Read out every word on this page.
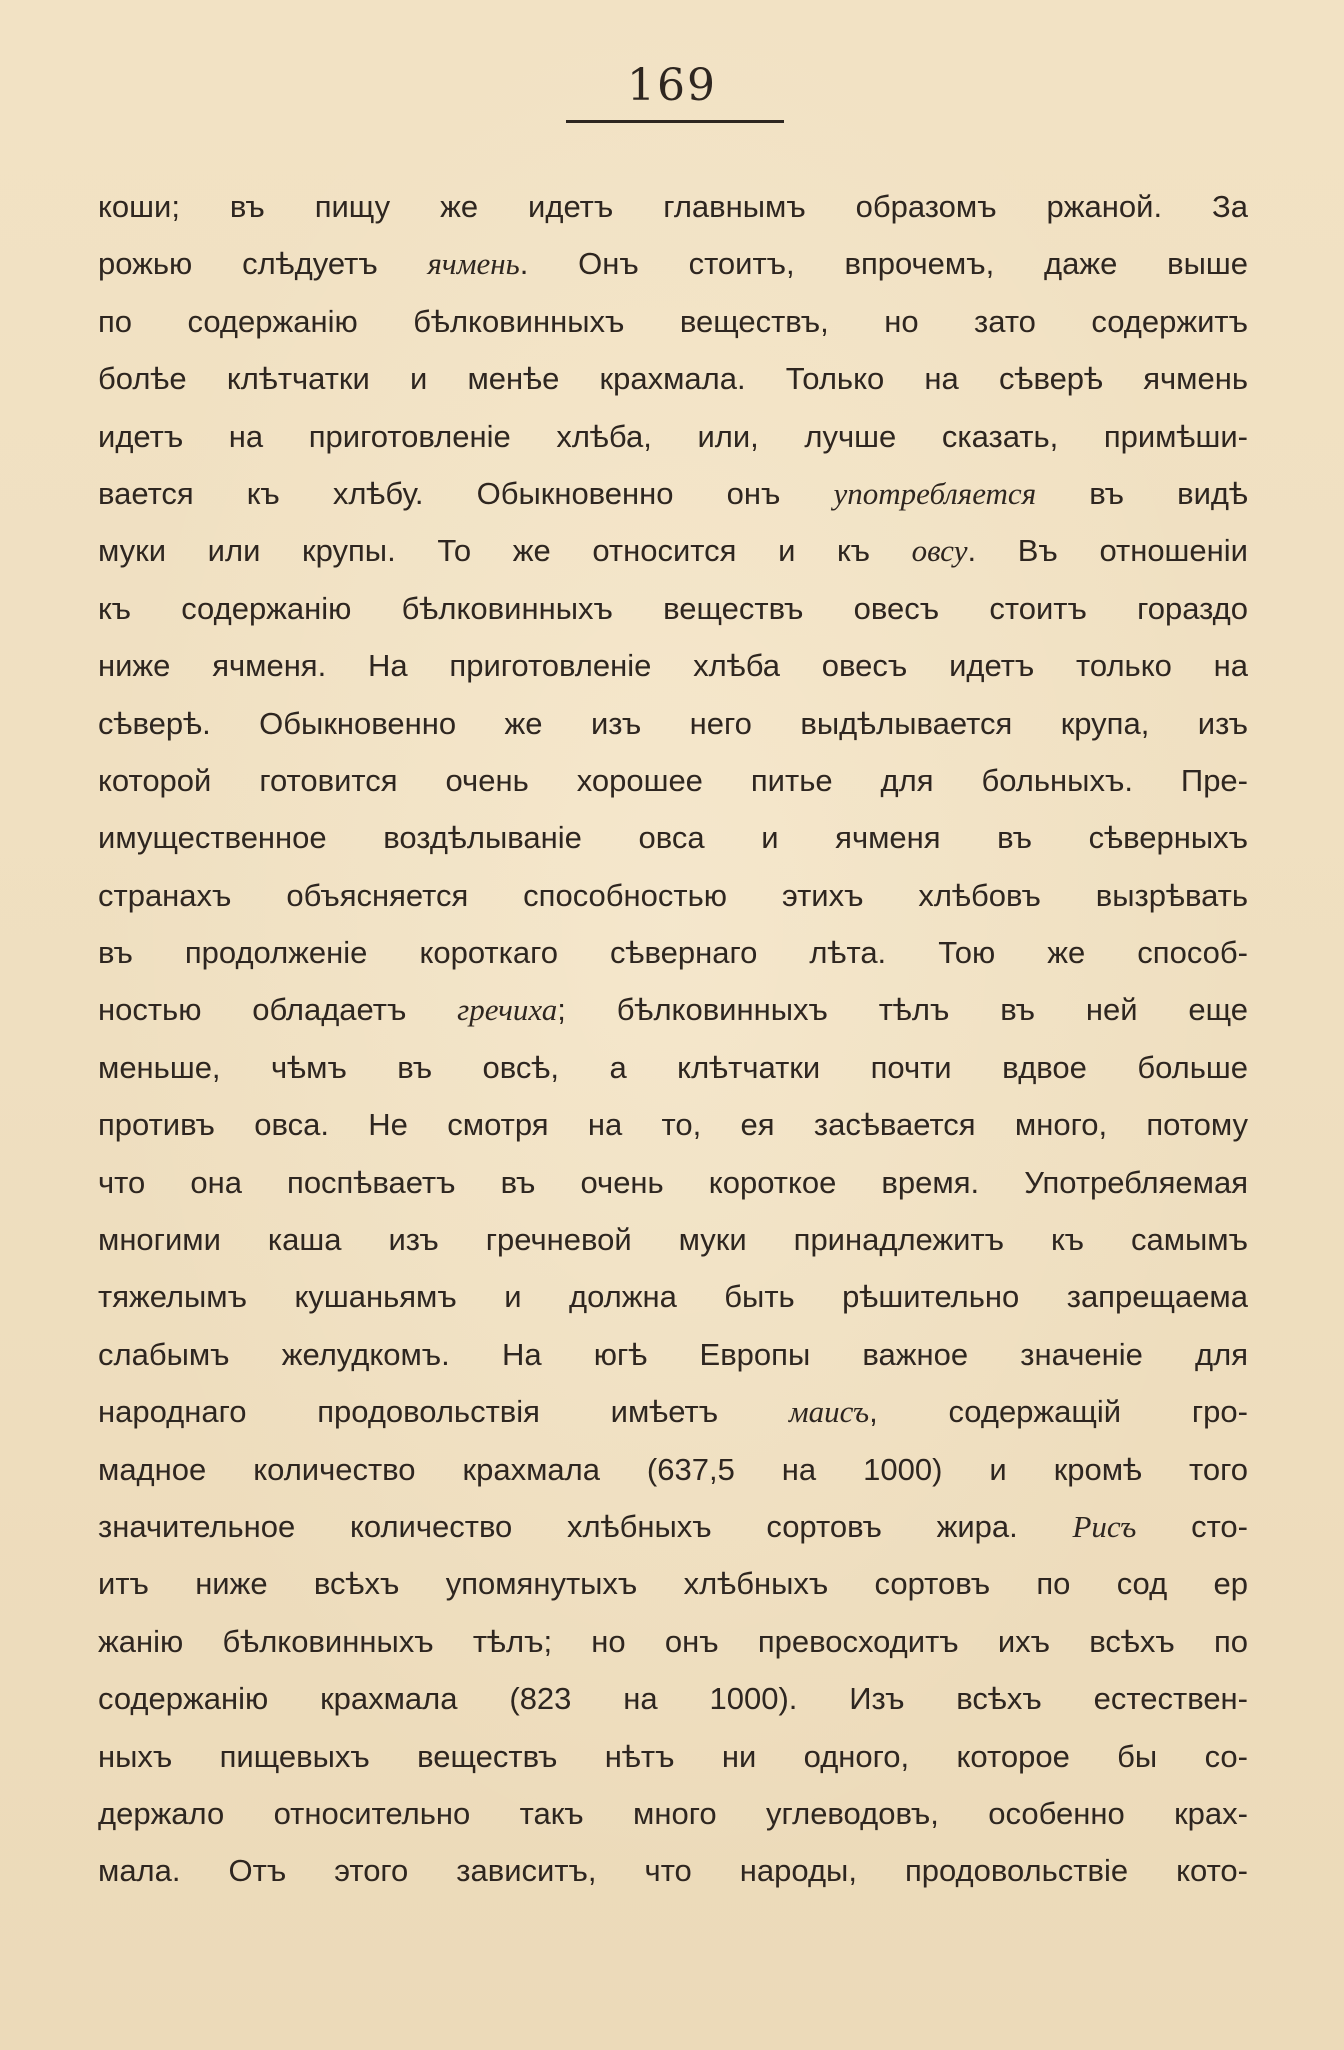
169
коши; въ пищу же идетъ главнымъ образомъ ржаной. За
рожью слѣдуетъ ячмень. Онъ стоитъ, впрочемъ, даже выше
по содержанію бѣлковинныхъ веществъ, но зато содержитъ
болѣе клѣтчатки и менѣе крахмала. Только на сѣверѣ ячмень
идетъ на приготовленіе хлѣба, или, лучше сказать, примѣши-
вается къ хлѣбу. Обыкновенно онъ употребляется въ видѣ
муки или крупы. То же относится и къ овсу. Въ отношеніи
къ содержанію бѣлковинныхъ веществъ овесъ стоитъ гораздо
ниже ячменя. На приготовленіе хлѣба овесъ идетъ только на
сѣверѣ. Обыкновенно же изъ него выдѣлывается крупа, изъ
которой готовится очень хорошее питье для больныхъ. Пре-
имущественное воздѣлываніе овса и ячменя въ сѣверныхъ
странахъ объясняется способностью этихъ хлѣбовъ вызрѣвать
въ продолженіе короткаго сѣвернаго лѣта. Тою же способ-
ностью обладаетъ гречиха; бѣлковинныхъ тѣлъ въ ней еще
меньше, чѣмъ въ овсѣ, а клѣтчатки почти вдвое больше
противъ овса. Не смотря на то, ея засѣвается много, потому
что она поспѣваетъ въ очень короткое время. Употребляемая
многими каша изъ гречневой муки принадлежитъ къ самымъ
тяжелымъ кушаньямъ и должна быть рѣшительно запрещаема
слабымъ желудкомъ. На югѣ Европы важное значеніе для
народнаго продовольствія имѣетъ маисъ, содержащій гро-
мадное количество крахмала (637,5 на 1000) и кромѣ того
значительное количество хлѣбныхъ сортовъ жира. Рисъ сто-
итъ ниже всѣхъ упомянутыхъ хлѣбныхъ сортовъ по сод ер
жанію бѣлковинныхъ тѣлъ; но онъ превосходитъ ихъ всѣхъ по
содержанію крахмала (823 на 1000). Изъ всѣхъ естествен-
ныхъ пищевыхъ веществъ нѣтъ ни одного, которое бы со-
держало относительно такъ много углеводовъ, особенно крах-
мала. Отъ этого зависитъ, что народы, продовольствіе кото-
